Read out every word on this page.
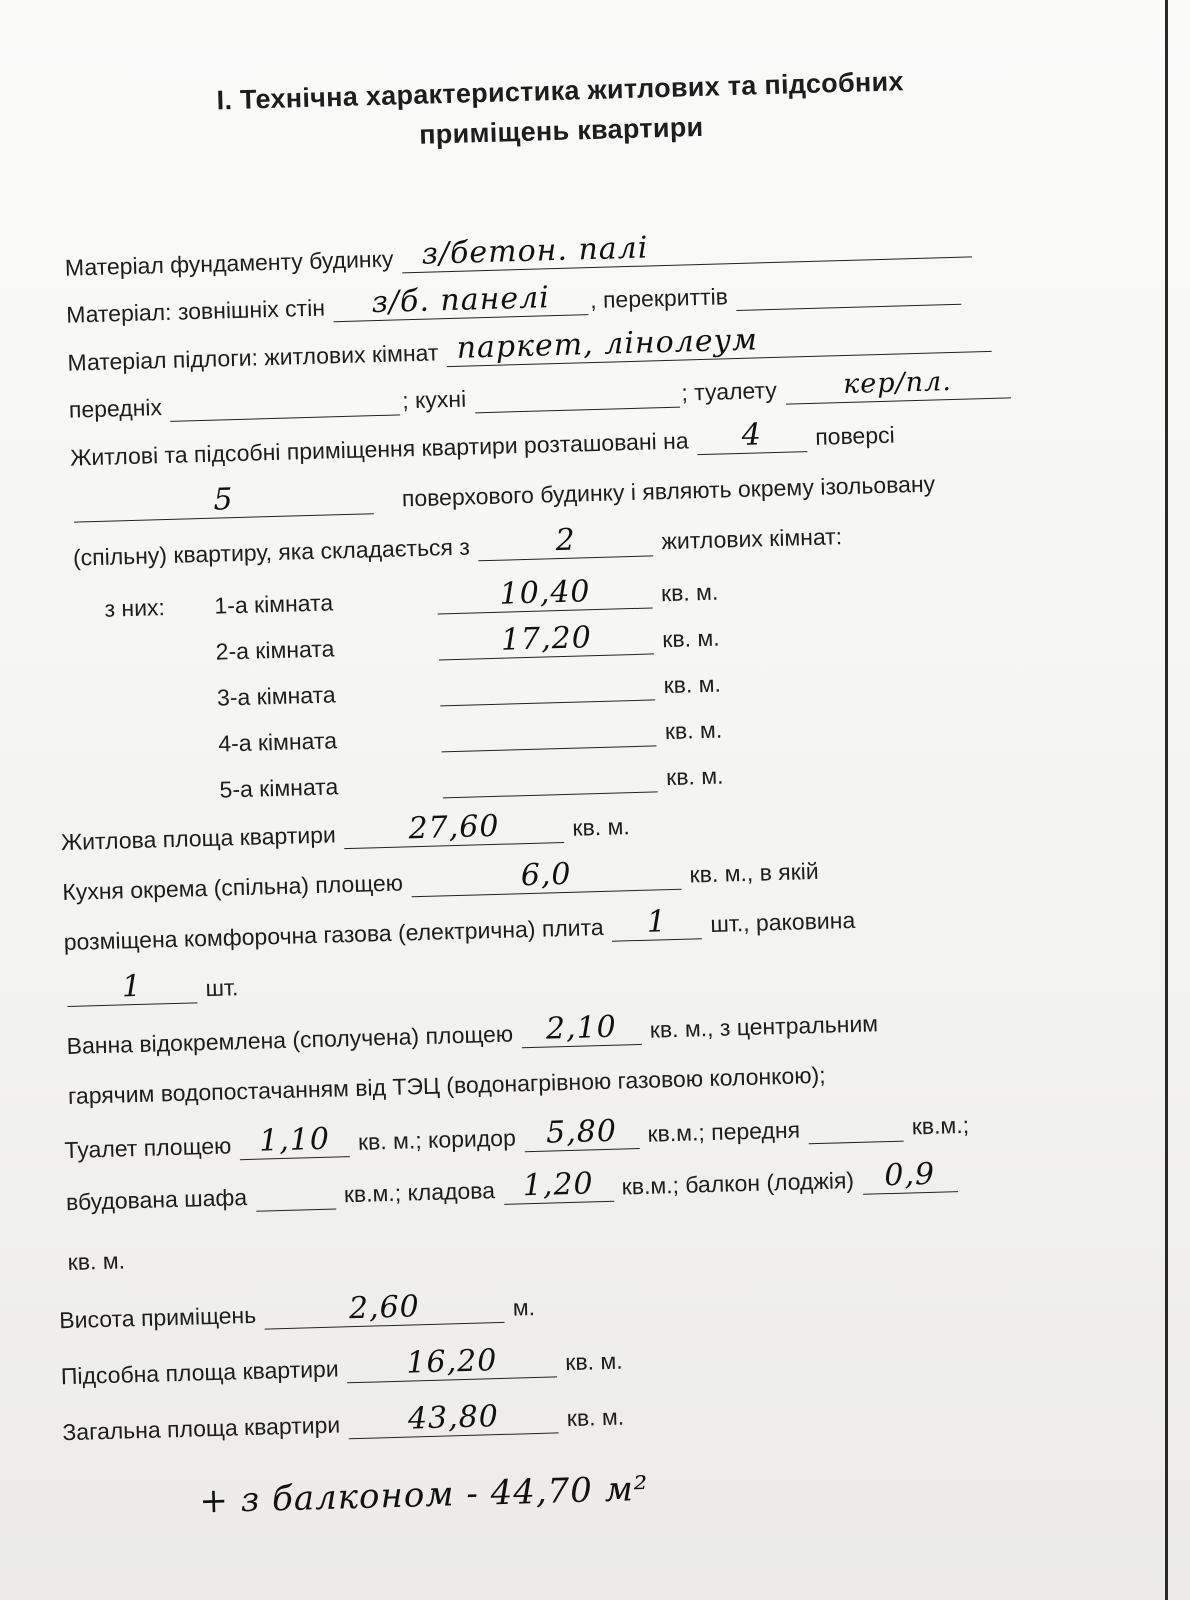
І. Технічна характеристика житлових та підсобних
приміщень квартири
Матеріал фундаменту будинку з/бетон. палі
Матеріал: зовнішніх стін	з/б. панелі	, перекриттів
Матеріал підлоги: житлових кімнат паркет, лінолеум
передніх	; кухні	; туалету	кер/пл.
Житлові та підсобні приміщення квартири розташовані на	4	поверсі
5	поверхового будинку і являють окрему ізольовану
(спільну) квартиру, яка складається з	2	житлових кімнат:
з них: 1-а кімната	10,40	кв. м.
2-а кімната	17,20	кв. м.
3-а кімната	кв. м.
4-а кімната	кв. м.
5-а кімната	кв. м.
Житлова площа квартири	27,60	кв. м.
Кухня окрема (спільна) площею	6,0	кв. м., в якій
розміщена комфорочна газова (електрична) плита	1	шт., раковина
1	шт.
Ванна відокремлена (сполучена) площею	2,10	кв. м., з центральним
гарячим водопостачанням від ТЭЦ (водонагрівною газовою колонкою);
Туалет площею 1,10	кв. м.; коридор 5,80	кв.м.; передня	кв.м.;
вбудована шафа	кв.м.; кладова 1,20	кв.м.; балкон (лоджія) 0,9
кв. м.
Висота приміщень	2,60	м.
Підсобна площа квартири	16,20	кв. м.
Загальна площа квартири	43,80	кв. м.
+ з балконом - 44,70 м²
